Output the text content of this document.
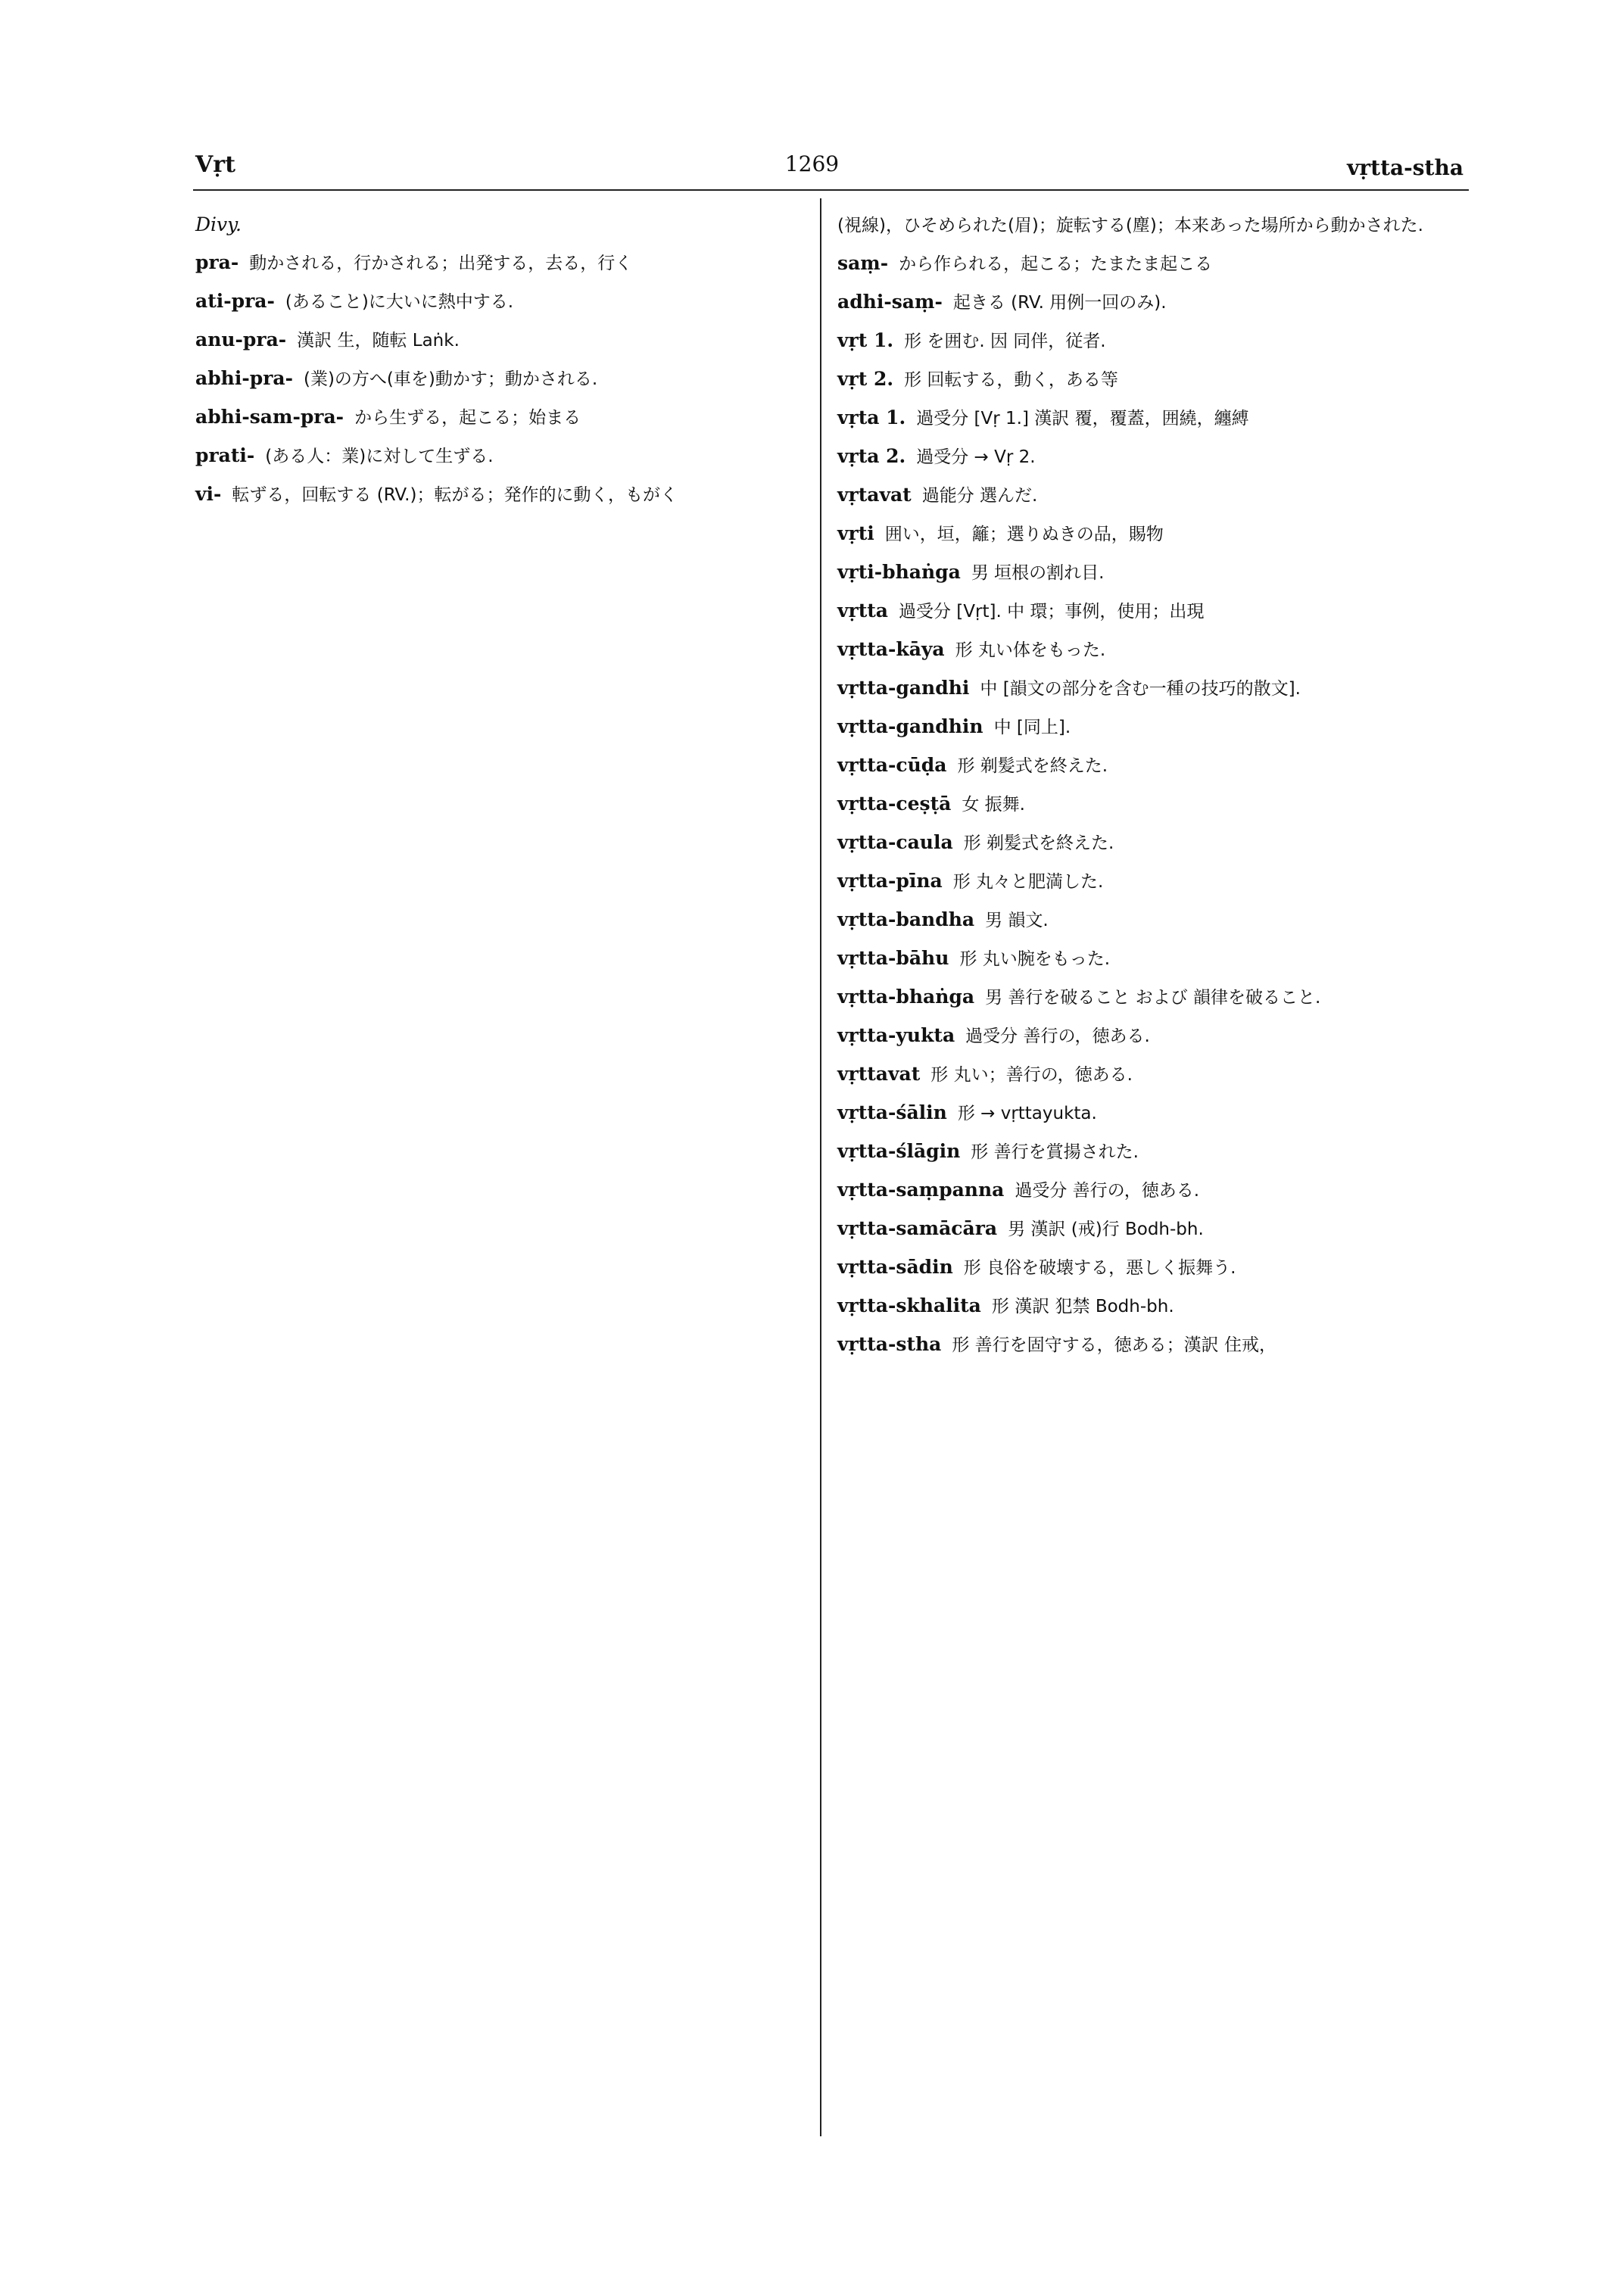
Vṛt	1269	vṛtta-stha
Divy.
pra- 動かされる，行かされる；出発する，去る，行く
ati-pra- (あること)に大いに熱中する.
anu-pra- 漢訳 生，随転 Laṅk.
abhi-pra- (業)の方へ(車を)動かす；動かされる.
abhi-sam-pra- から生ずる，起こる；始まる
prati- (ある人：業)に対して生ずる.
vi- 転ずる，回転する (RV.)；転がる；発作的に動く，もがく
(視線)，ひそめられた(眉)；旋転する(塵)；本来あった場所から動かされた.
saṃ- から作られる，起こる；たまたま起こる
adhi-saṃ- 起きる (RV. 用例一回のみ).
vṛt 1. 形 を囲む. 因 同伴，従者.
vṛt 2. 形 回転する，動く，ある等
vṛta 1. 過受分 [Vṛ 1.] 漢訳 覆，覆蓋，囲繞，纏縛
vṛta 2. 過受分 → Vṛ 2.
vṛtavat 過能分 選んだ.
vṛti 囲い，垣，籬；選りぬきの品，賜物
vṛti-bhaṅga 男 垣根の割れ目.
vṛtta 過受分 [Vṛt]. 中 環；事例，使用；出現
vṛtta-kāya 形 丸い体をもった.
vṛtta-gandhi 中 [韻文の部分を含む一種の技巧的散文].
vṛtta-gandhin 中 [同上].
vṛtta-cūḍa 形 剃髪式を終えた.
vṛtta-ceṣṭā 女 振舞.
vṛtta-caula 形 剃髪式を終えた.
vṛtta-pīna 形 丸々と肥満した.
vṛtta-bandha 男 韻文.
vṛtta-bāhu 形 丸い腕をもった.
vṛtta-bhaṅga 男 善行を破ること および 韻律を破ること.
vṛtta-yukta 過受分 善行の，徳ある.
vṛttavat 形 丸い；善行の，徳ある.
vṛtta-śālin 形 → vṛttayukta.
vṛtta-ślāgin 形 善行を賞揚された.
vṛtta-saṃpanna 過受分 善行の，徳ある.
vṛtta-samācāra 男 漢訳 (戒)行 Bodh-bh.
vṛtta-sādin 形 良俗を破壊する，悪しく振舞う.
vṛtta-skhalita 形 漢訳 犯禁 Bodh-bh.
vṛtta-stha 形 善行を固守する，徳ある；漢訳 住戒，
